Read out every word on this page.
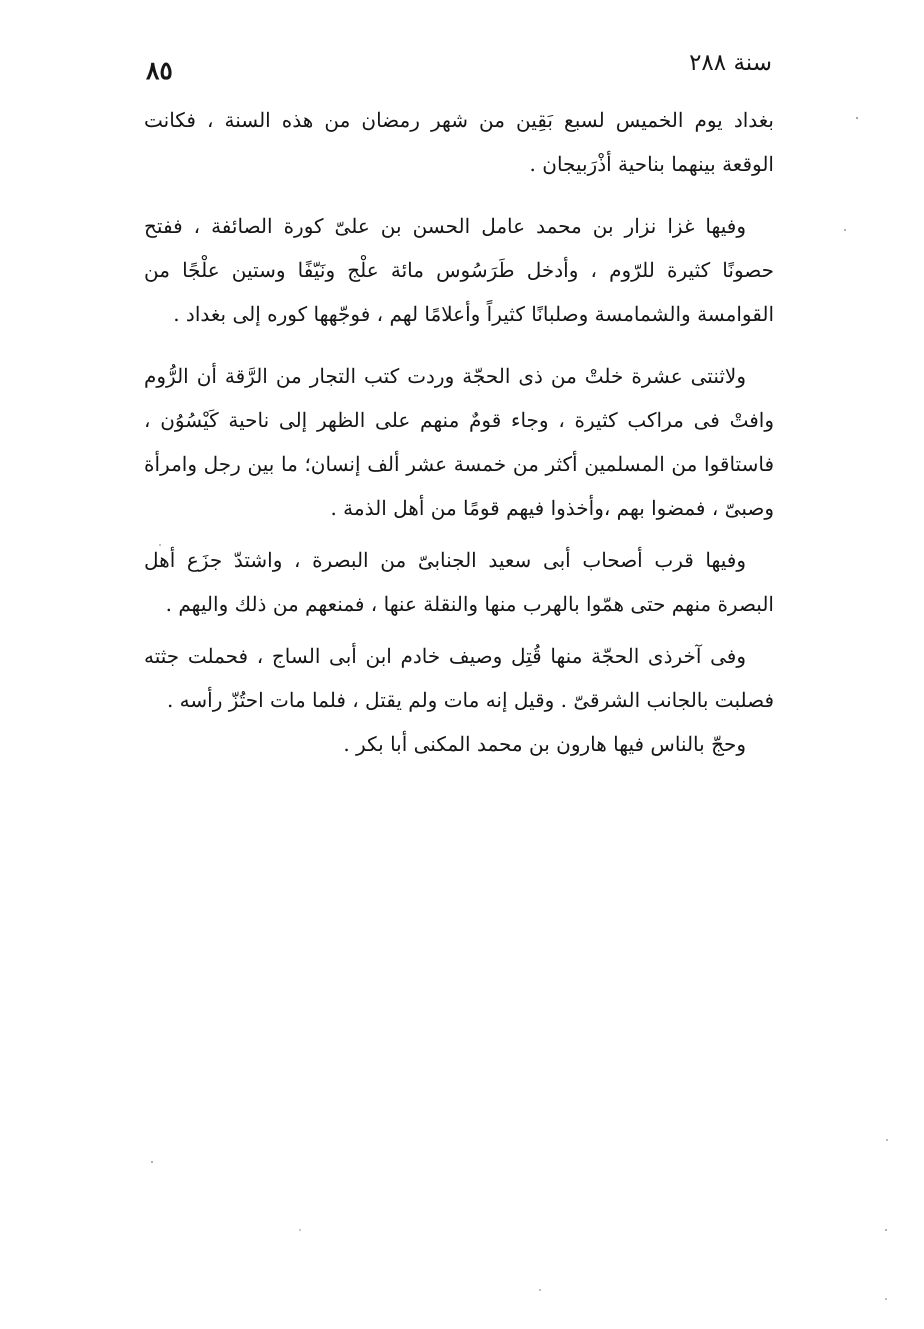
٨٥	سنة ٢٨٨

بغداد يوم الخميس لسبع بَقِين من شهر رمضان من هذه السنة ، فكانت الوقعة بينهما بناحية أذْرَبيجان .

وفيها غزا نزار بن محمد عامل الحسن بن علىّ كورة الصائفة ، ففتح حصونًا كثيرة للرّوم ، وأدخل طَرَسُوس مائة علْج ونَيّفًا وستين علْجًا من القوامسة والشمامسة وصلبانًا كثيراً وأعلامًا لهم ، فوجّهها كوره إلى بغداد .

ولاثنتى عشرة خلتْ من ذى الحجّة وردت كتب التجار من الرَّقة أن الرُّوم وافتْ فى مراكب كثيرة ، وجاء قومٌ منهم على الظهر إلى ناحية كَيْسُوُن ، فاستاقوا من المسلمين أكثر من خمسة عشر ألف إنسان؛ ما بين رجل وامرأة وصبىّ ، فمضوا بهم ،وأخذوا فيهم قومًا من أهل الذمة .

وفيها قرب أصحاب أبى سعيد الجنابىّ من البصرة ، واشتدّ جزَع أهل البصرة منهم حتى همّوا بالهرب منها والنقلة عنها ، فمنعهم من ذلك واليهم .

وفى آخرذى الحجّة منها قُتِل وصيف خادم ابن أبى الساج ، فحملت جثته فصلبت بالجانب الشرقىّ . وقيل إنه مات ولم يقتل ، فلما مات احتُزّ رأسه .

وحجّ بالناس فيها هارون بن محمد المكنى أبا بكر .
